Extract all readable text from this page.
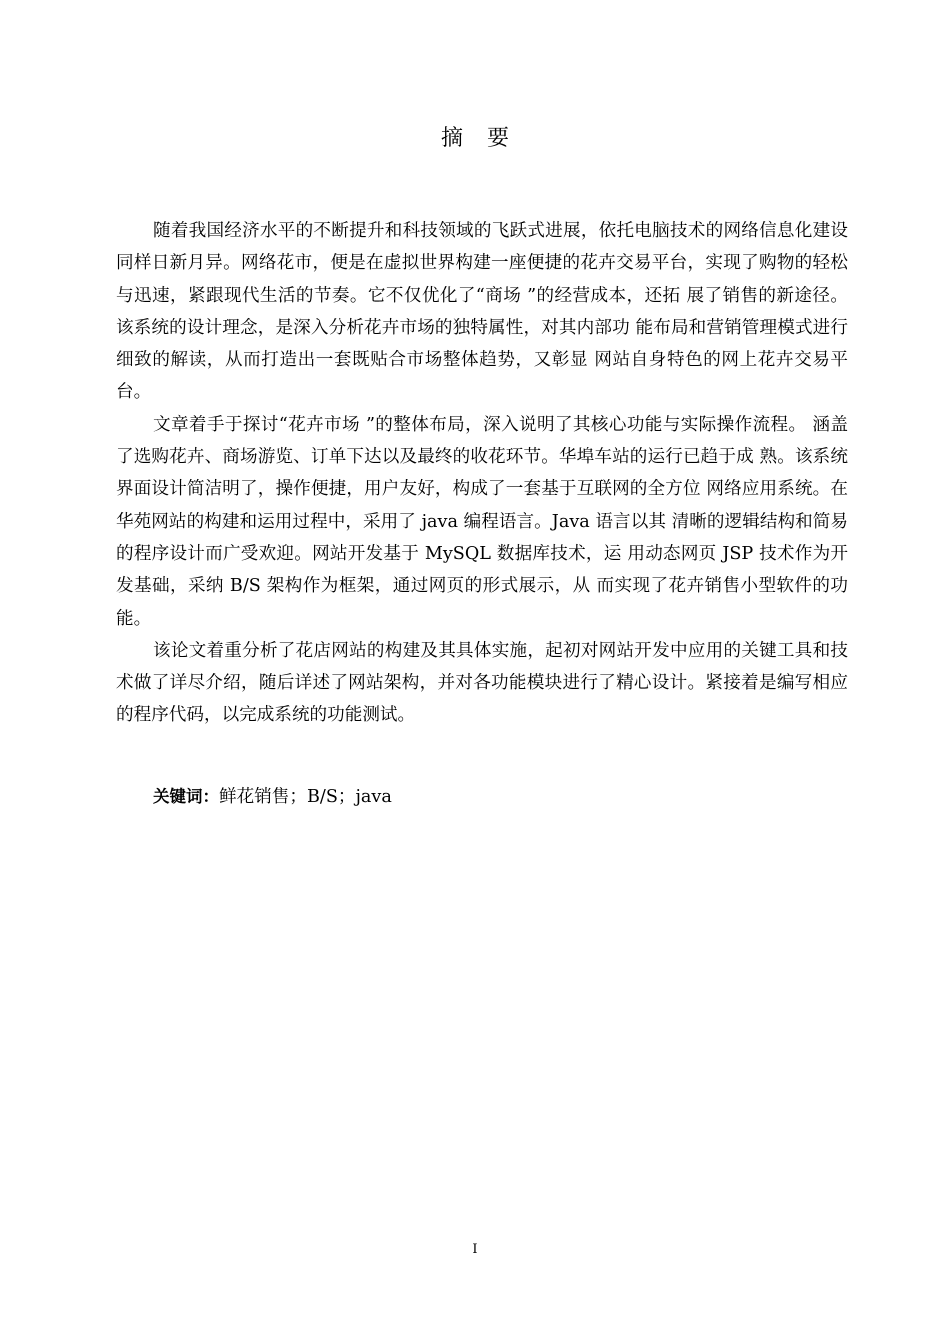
摘要

随着我国经济水平的不断提升和科技领域的飞跃式进展，依托电脑技术的网络信息化建设同样日新月异。网络花市，便是在虚拟世界构建一座便捷的花卉交易平台，实现了购物的轻松与迅速，紧跟现代生活的节奏。它不仅优化了“商场 ”的经营成本，还拓 展了销售的新途径。该系统的设计理念，是深入分析花卉市场的独特属性，对其内部功 能布局和营销管理模式进行细致的解读，从而打造出一套既贴合市场整体趋势，又彰显 网站自身特色的网上花卉交易平台。

文章着手于探讨“花卉市场 ”的整体布局，深入说明了其核心功能与实际操作流程。 涵盖了选购花卉、商场游览、订单下达以及最终的收花环节。华埠车站的运行已趋于成 熟。该系统界面设计简洁明了，操作便捷，用户友好，构成了一套基于互联网的全方位 网络应用系统。在华苑网站的构建和运用过程中，采用了 java 编程语言。Java 语言以其 清晰的逻辑结构和简易的程序设计而广受欢迎。网站开发基于 MySQL 数据库技术，运 用动态网页 JSP 技术作为开发基础，采纳 B/S 架构作为框架，通过网页的形式展示，从 而实现了花卉销售小型软件的功能。

该论文着重分析了花店网站的构建及其具体实施，起初对网站开发中应用的关键工具和技术做了详尽介绍，随后详述了网站架构，并对各功能模块进行了精心设计。紧接着是编写相应的程序代码，以完成系统的功能测试。

关键词：鲜花销售；B/S；java
I
